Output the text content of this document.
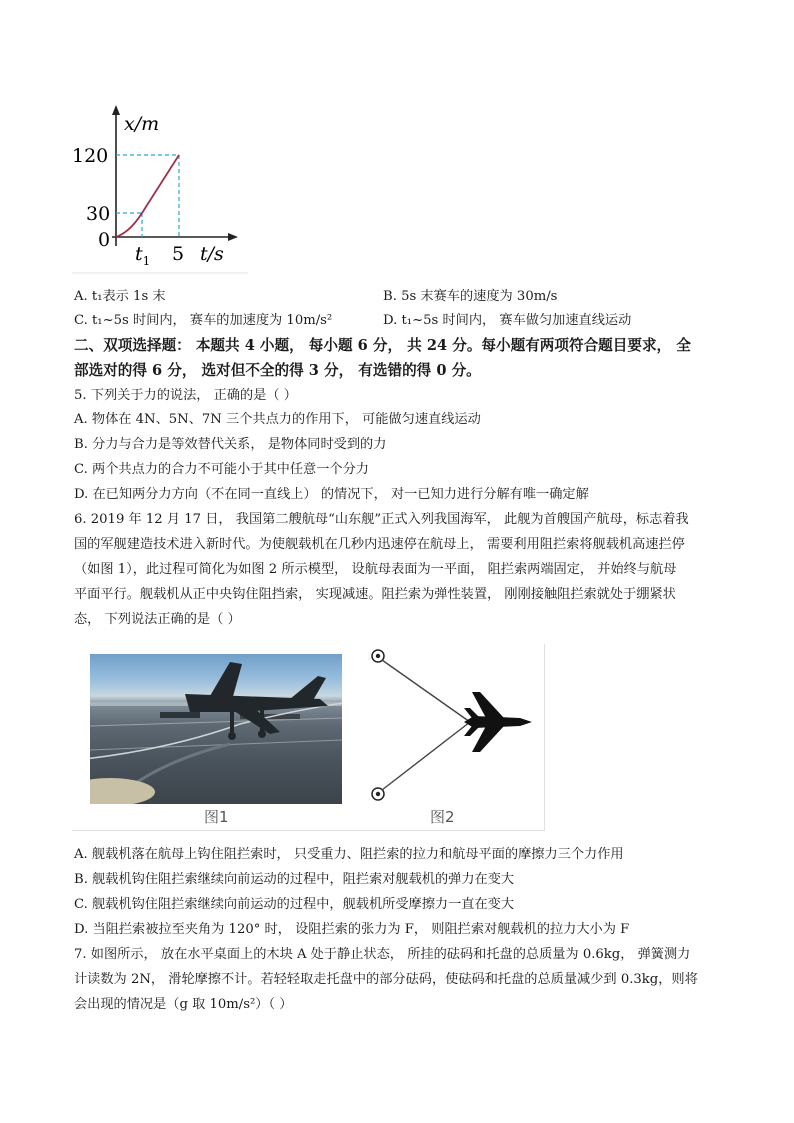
x/m
120
30
0
$t_1$ 5 t/s
A. t₁表示 1s 末	B. 5s 末赛车的速度为 30m/s
C. t₁~5s 时间内， 赛车的加速度为 10m/s²	D. t₁~5s 时间内， 赛车做匀加速直线运动
二、双项选择题： 本题共 4 小题， 每小题 6 分， 共 24 分。每小题有两项符合题目要求， 全
部选对的得 6 分， 选对但不全的得 3 分， 有选错的得 0 分。
5. 下列关于力的说法， 正确的是（ ）
A. 物体在 4N、5N、7N 三个共点力的作用下， 可能做匀速直线运动
B. 分力与合力是等效替代关系， 是物体同时受到的力
C. 两个共点力的合力不可能小于其中任意一个分力
D. 在已知两分力方向（不在同一直线上） 的情况下， 对一已知力进行分解有唯一确定解
6. 2019 年 12 月 17 日， 我国第二艘航母“山东舰”正式入列我国海军， 此舰为首艘国产航母，标志着我
国的军舰建造技术进入新时代。为使舰载机在几秒内迅速停在航母上， 需要利用阻拦索将舰载机高速拦停
（如图 1），此过程可简化为如图 2 所示模型， 设航母表面为一平面， 阻拦索两端固定， 并始终与航母
平面平行。舰载机从正中央钩住阻挡索， 实现减速。阻拦索为弹性装置， 刚刚接触阻拦索就处于绷紧状
态， 下列说法正确的是（ ）
图1	图2
A. 舰载机落在航母上钩住阻拦索时， 只受重力、阻拦索的拉力和航母平面的摩擦力三个力作用
B. 舰载机钩住阻拦索继续向前运动的过程中，阻拦索对舰载机的弹力在变大
C. 舰载机钩住阻拦索继续向前运动的过程中，舰载机所受摩擦力一直在变大
D. 当阻拦索被拉至夹角为 120° 时， 设阻拦索的张力为 F， 则阻拦索对舰载机的拉力大小为 F
7. 如图所示， 放在水平桌面上的木块 A 处于静止状态， 所挂的砝码和托盘的总质量为 0.6kg， 弹簧测力
计读数为 2N， 滑轮摩擦不计。若轻轻取走托盘中的部分砝码，使砝码和托盘的总质量减少到 0.3kg，则将
会出现的情况是（g 取 10m/s²）（ ）
